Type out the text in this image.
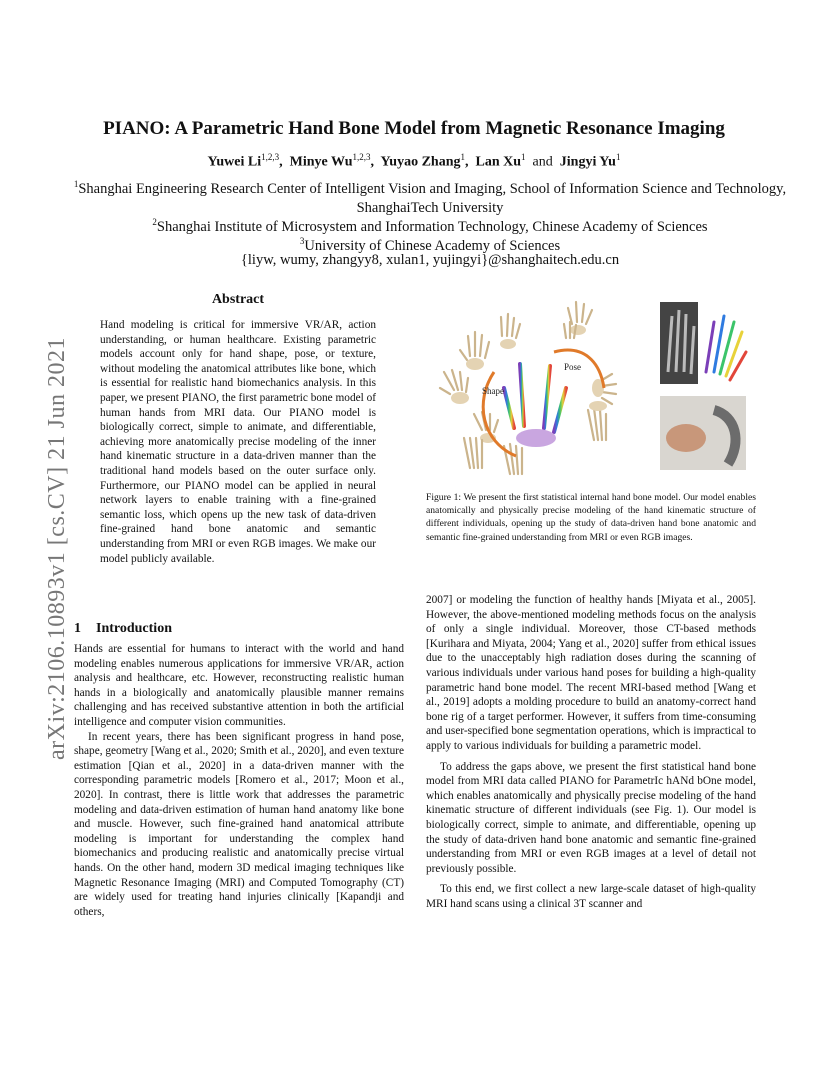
arXiv:2106.10893v1 [cs.CV] 21 Jun 2021
PIANO: A Parametric Hand Bone Model from Magnetic Resonance Imaging
Yuwei Li$^{1,2,3}$, Minye Wu$^{1,2,3}$, Yuyao Zhang$^1$, Lan Xu$^1$ and Jingyi Yu$^1$
$^1$Shanghai Engineering Research Center of Intelligent Vision and Imaging, School of Information Science and Technology, ShanghaiTech University
$^2$Shanghai Institute of Microsystem and Information Technology, Chinese Academy of Sciences
$^3$University of Chinese Academy of Sciences
{liyw, wumy, zhangyy8, xulan1, yujingyi}@shanghaitech.edu.cn
Abstract
Hand modeling is critical for immersive VR/AR, action understanding, or human healthcare. Existing parametric models account only for hand shape, pose, or texture, without modeling the anatomical attributes like bone, which is essential for realistic hand biomechanics analysis. In this paper, we present PIANO, the first parametric bone model of human hands from MRI data. Our PIANO model is biologically correct, simple to animate, and differentiable, achieving more anatomically precise modeling of the inner hand kinematic structure in a data-driven manner than the traditional hand models based on the outer surface only. Furthermore, our PIANO model can be applied in neural network layers to enable training with a fine-grained semantic loss, which opens up the new task of data-driven fine-grained hand bone anatomic and semantic understanding from MRI or even RGB images. We make our model publicly available.
Shape
Pose
Figure 1: We present the first statistical internal hand bone model. Our model enables anatomically and physically precise modeling of the hand kinematic structure of different individuals, opening up the study of data-driven hand bone anatomic and semantic fine-grained understanding from MRI or even RGB images.
1 Introduction

Hands are essential for humans to interact with the world and hand modeling enables numerous applications for immersive VR/AR, action analysis and healthcare, etc. However, reconstructing realistic human hands in a biologically and anatomically plausible manner remains challenging and has received substantive attention in both the artificial intelligence and computer vision communities.

In recent years, there has been significant progress in hand pose, shape, geometry [Wang et al., 2020; Smith et al., 2020], and even texture estimation [Qian et al., 2020] in a data-driven manner with the corresponding parametric models [Romero et al., 2017; Moon et al., 2020]. In contrast, there is little work that addresses the parametric modeling and data-driven estimation of human hand anatomy like bone and muscle. However, such fine-grained hand anatomical attribute modeling is important for understanding the complex hand biomechanics and producing realistic and anatomically precise virtual hands. On the other hand, modern 3D medical imaging techniques like Magnetic Resonance Imaging (MRI) and Computed Tomography (CT) are widely used for treating hand injuries clinically [Kapandji and others,

2007] or modeling the function of healthy hands [Miyata et al., 2005]. However, the above-mentioned modeling methods focus on the analysis of only a single individual. Moreover, those CT-based methods [Kurihara and Miyata, 2004; Yang et al., 2020] suffer from ethical issues due to the unacceptably high radiation doses during the scanning of various individuals under various hand poses for building a high-quality parametric hand bone model. The recent MRI-based method [Wang et al., 2019] adopts a molding procedure to build an anatomy-correct hand bone rig of a target performer. However, it suffers from time-consuming and user-specified bone segmentation operations, which is impractical to apply to various individuals for building a parametric model.

To address the gaps above, we present the first statistical hand bone model from MRI data called PIANO for ParametrIc hANd bOne model, which enables anatomically and physically precise modeling of the hand kinematic structure of different individuals (see Fig. 1). Our model is biologically correct, simple to animate, and differentiable, opening up the study of data-driven hand bone anatomic and semantic fine-grained understanding from MRI or even RGB images at a level of detail not previously possible.

To this end, we first collect a new large-scale dataset of high-quality MRI hand scans using a clinical 3T scanner and
